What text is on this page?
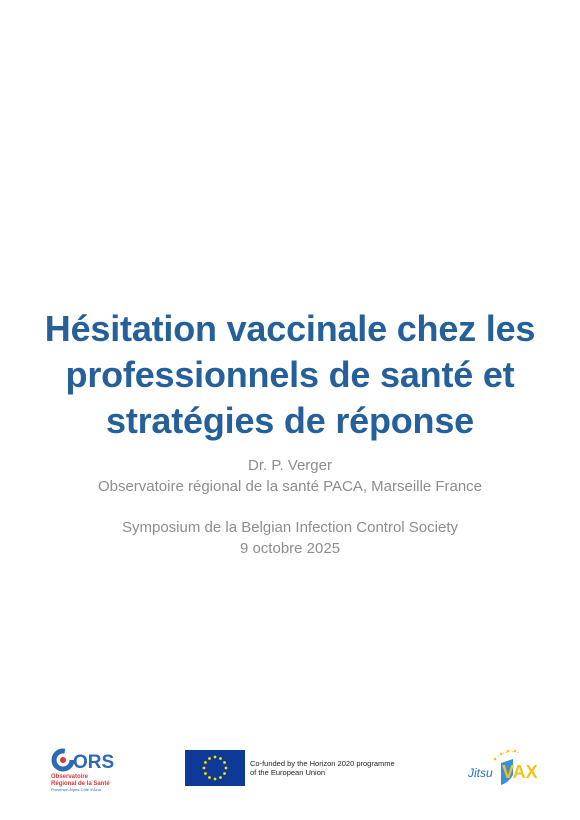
Hésitation vaccinale chez les
professionnels de santé et
stratégies de réponse
Dr. P. Verger
Observatoire régional de la santé PACA, Marseille France
Symposium de la Belgian Infection Control Society
9 octobre 2025
ORS
Observatoire
Régional de la Santé
Provence-Alpes-Côte d'Azur
Co-funded by the Horizon 2020 programme
of the European Union	Jitsu VAX
